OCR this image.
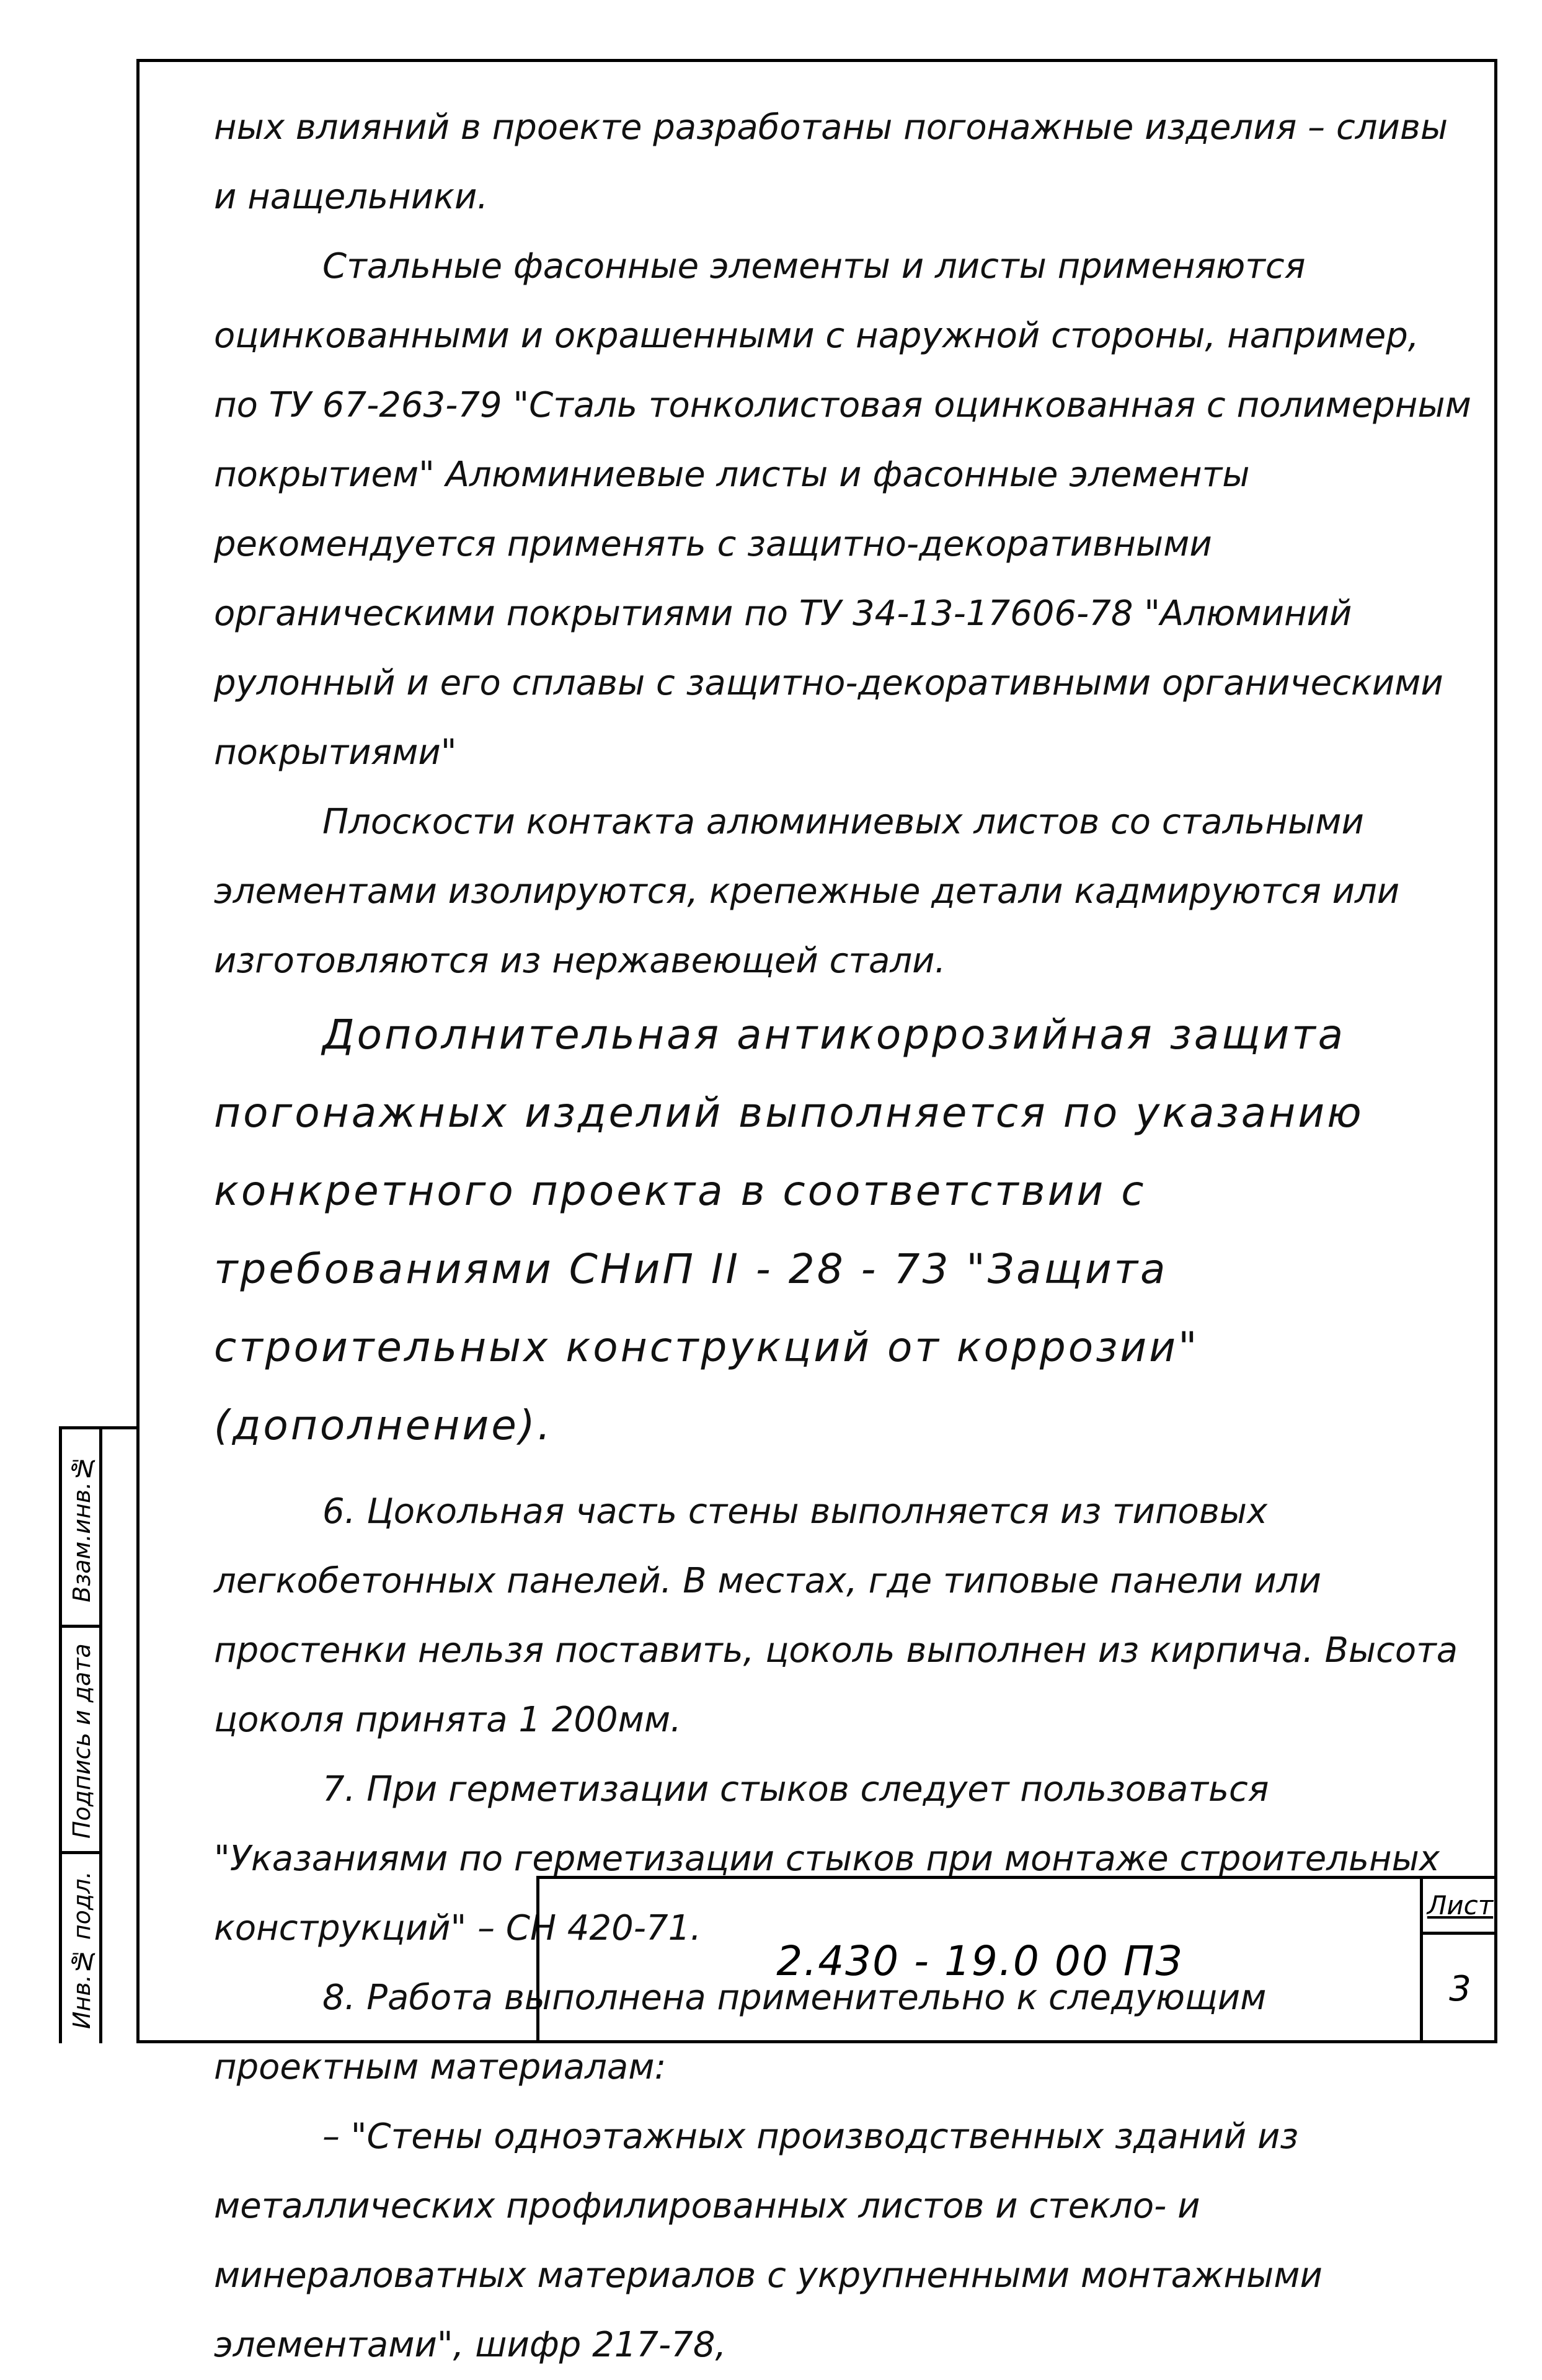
ных влияний в проекте разработаны погонажные изделия – сливы и нащельники.

Стальные фасонные элементы и листы применяются оцинкованными и окрашенными с наружной стороны, например, по ТУ 67-263-79 "Сталь тонколистовая оцинкованная с полимерным покрытием" Алюминиевые листы и фасонные элементы рекомендуется применять с защитно-декоративными органическими покрытиями по ТУ 34-13-17606-78 "Алюминий рулонный и его сплавы с защитно-декоративными органическими покрытиями"

Плоскости контакта алюминиевых листов со стальными элементами изолируются, крепежные детали кадмируются или изготовляются из нержавеющей стали.

Дополнительная антикоррозийная защита погонажных изделий выполняется по указанию конкретного проекта в соответствии с требованиями СНиП II - 28 - 73 "Защита строительных конструкций от коррозии" (дополнение).

6. Цокольная часть стены выполняется из типовых легкобетонных панелей. В местах, где типовые панели или простенки нельзя поставить, цоколь выполнен из кирпича. Высота цоколя принята 1 200мм.

7. При герметизации стыков следует пользоваться "Указаниями по герметизации стыков при монтаже строительных конструкций" – СН 420-71.

8. Работа выполнена применительно к следующим проектным материалам:

– "Стены одноэтажных производственных зданий из металлических профилированных листов и стекло- и минераловатных материалов с укрупненными монтажными элементами", шифр 217-78,

Взам.инв.№
Подпись и дата
Инв.№ подл.	2.430 - 19.0 00 ПЗ
Лист
3
